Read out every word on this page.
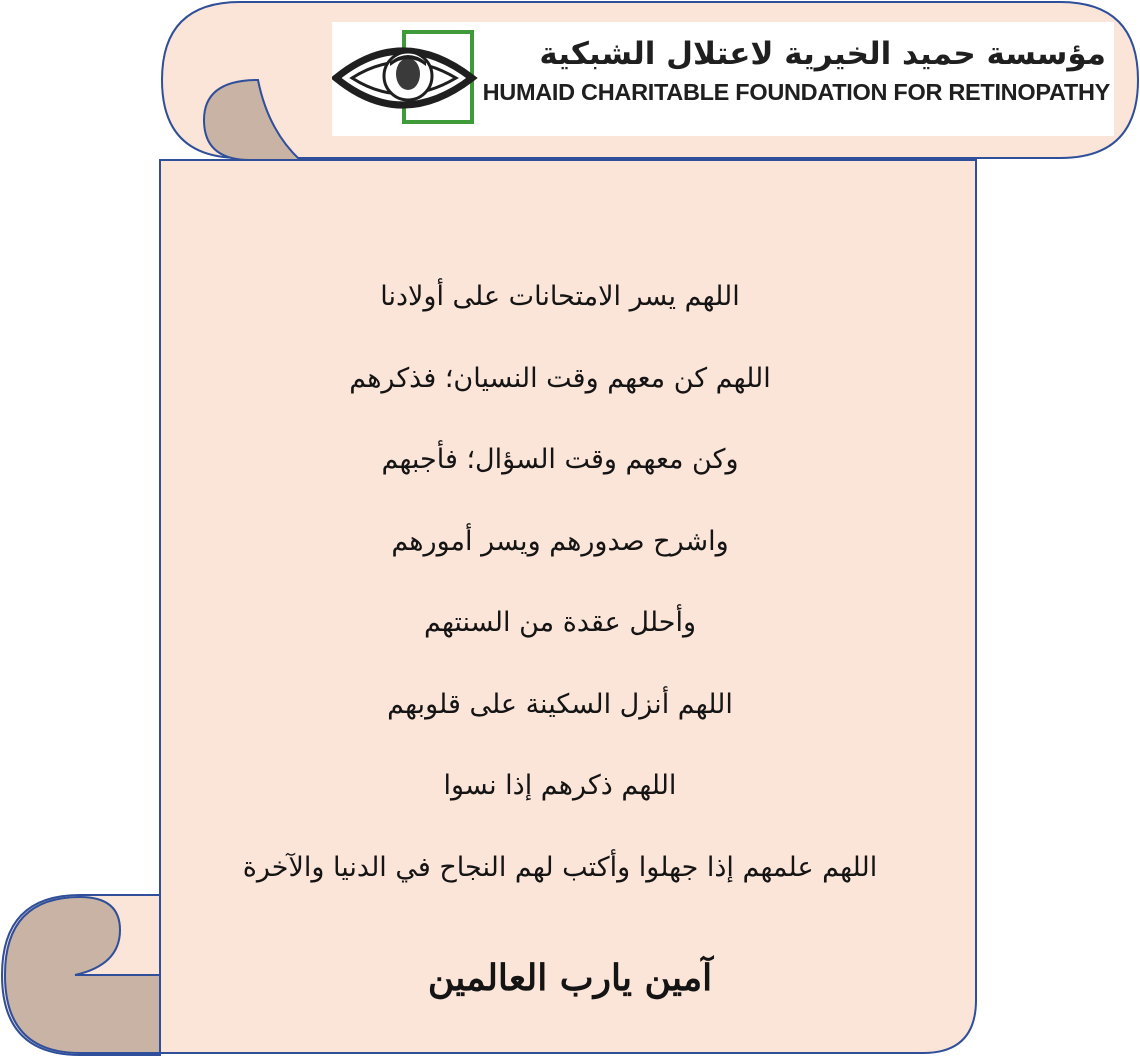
مؤسسة حميد الخيرية لاعتلال الشبكية
HUMAID CHARITABLE FOUNDATION FOR RETINOPATHY
اللهم يسر الامتحانات على أولادنا
اللهم كن معهم وقت النسيان؛ فذكرهم
وكن معهم وقت السؤال؛ فأجبهم
واشرح صدورهم ويسر أمورهم
وأحلل عقدة من السنتهم
اللهم أنزل السكينة على قلوبهم
اللهم ذكرهم إذا نسوا
اللهم علمهم إذا جهلوا وأكتب لهم النجاح في الدنيا والآخرة
آمين يارب العالمين
